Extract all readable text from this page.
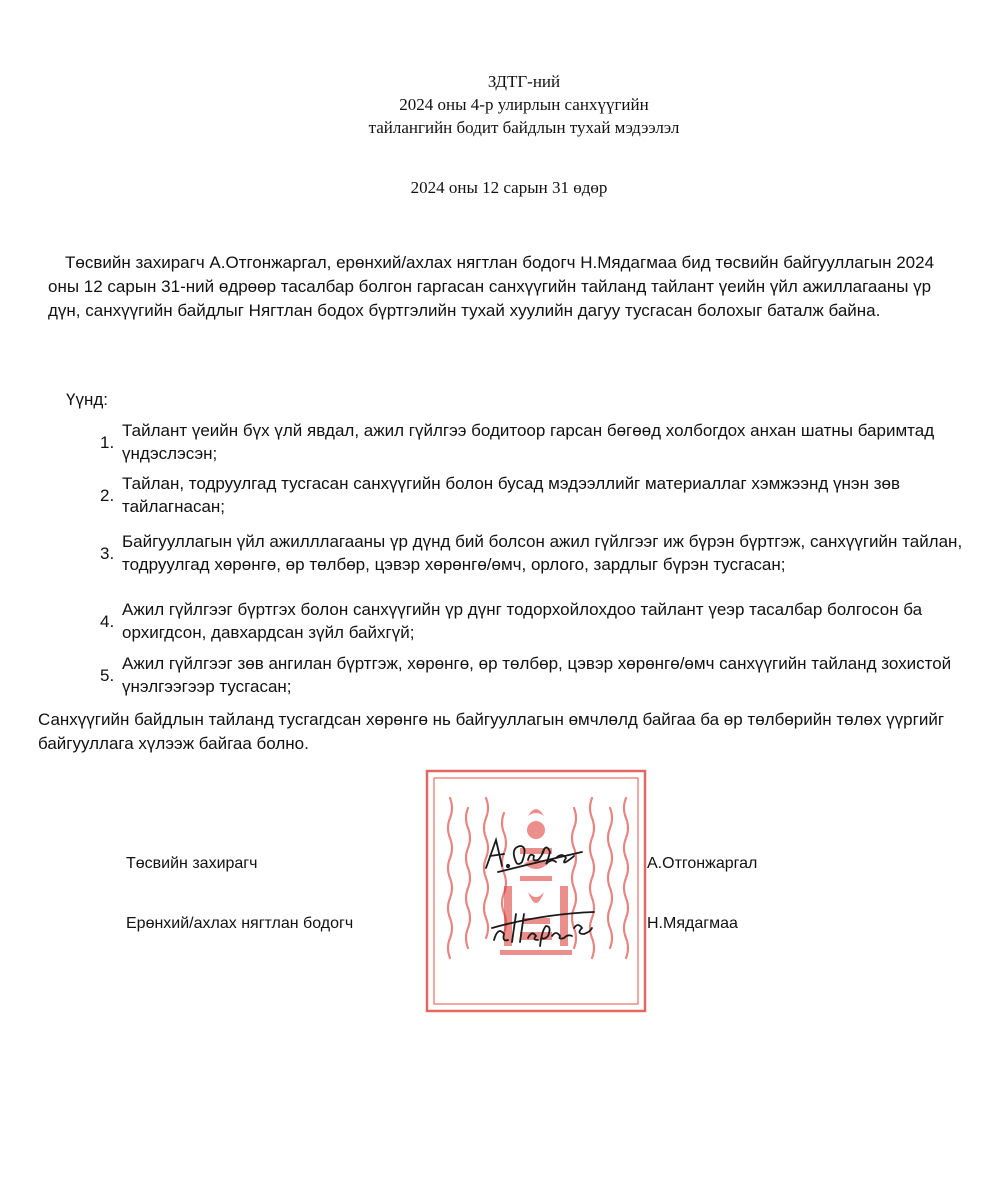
ЗДТГ-ний
2024 оны 4-р улирлын санхүүгийн
тайлангийн бодит байдлын тухай мэдээлэл
2024 оны 12 сарын 31 өдөр
Төсвийн захирагч А.Отгонжаргал, ерөнхий/ахлах нягтлан бодогч Н.Мядагмаа бид төсвийн байгууллагын 2024 оны 12 сарын 31-ний өдрөөр тасалбар болгон гаргасан санхүүгийн тайланд тайлант үеийн үйл ажиллагааны үр дүн, санхүүгийн байдлыг Нягтлан бодох бүртгэлийн тухай хуулийн дагуу тусгасан болохыг баталж байна.
Үүнд:
1.
Тайлант үеийн бүх үлй явдал, ажил гүйлгээ бодитоор гарсан бөгөөд холбогдох анхан шатны баримтад үндэслэсэн;
2.
Тайлан, тодруулгад тусгасан санхүүгийн болон бусад мэдээллийг материаллаг хэмжээнд үнэн зөв тайлагнасан;
3.
Байгууллагын үйл ажилллагааны үр дүнд бий болсон ажил гүйлгээг иж бүрэн бүртгэж, санхүүгийн тайлан, тодруулгад хөрөнгө, өр төлбөр, цэвэр хөрөнгө/өмч, орлого, зардлыг бүрэн тусгасан;
4.
Ажил гүйлгээг бүртгэх болон санхүүгийн үр дүнг тодорхойлохдоо тайлант үеэр тасалбар болгосон ба орхигдсон, давхардсан зүйл байхгүй;
5.
Ажил гүйлгээг зөв ангилан бүртгэж, хөрөнгө, өр төлбөр, цэвэр хөрөнгө/өмч санхүүгийн тайланд зохистой үнэлгээгээр тусгасан;
Санхүүгийн байдлын тайланд тусгагдсан хөрөнгө нь байгууллагын өмчлөлд байгаа ба өр төлбөрийн төлөх үүргийг байгууллага хүлээж байгаа болно.
Төсвийн захирагч	А.Отгонжаргал
Ерөнхий/ахлах нягтлан бодогч	Н.Мядагмаа
